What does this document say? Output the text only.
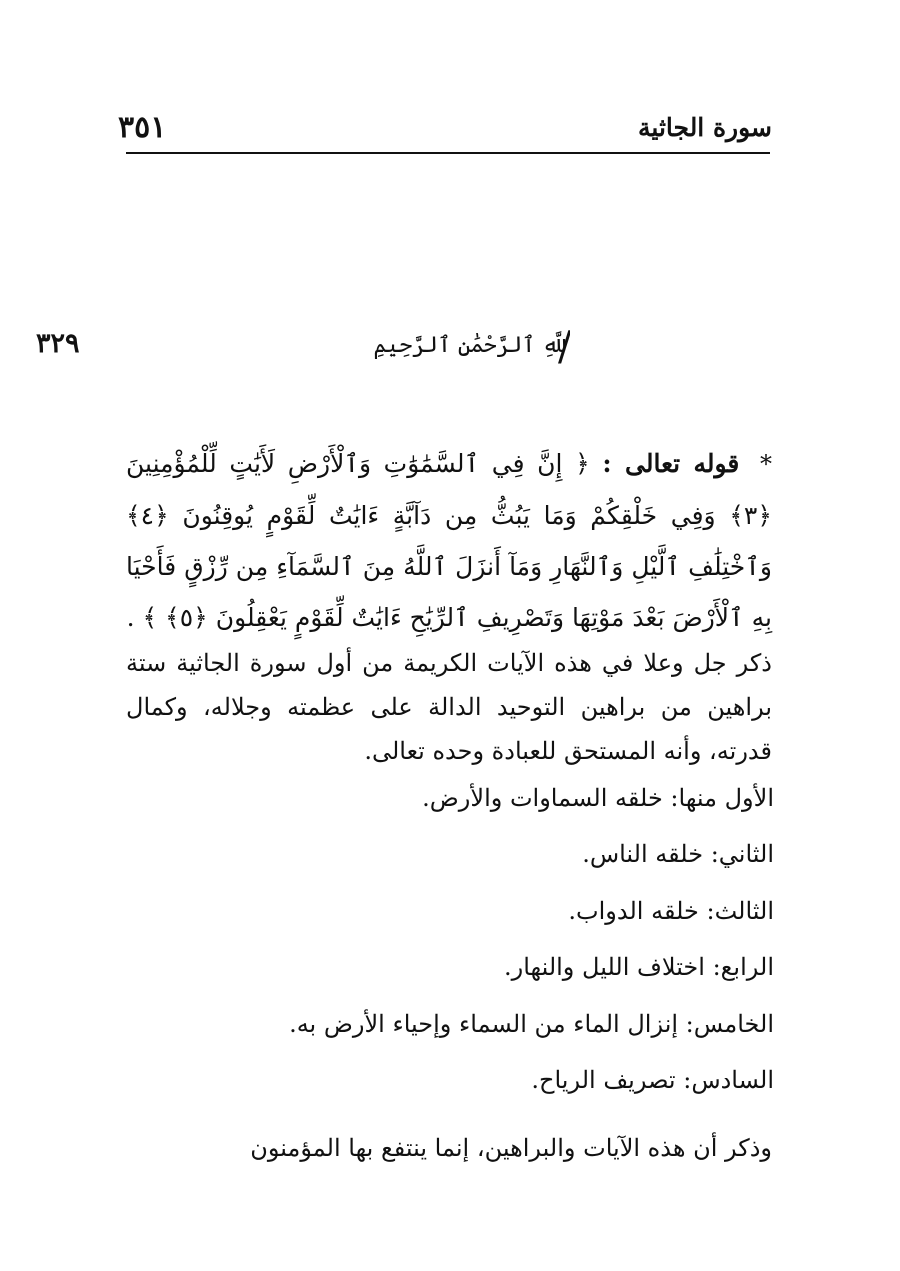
سورة الجاثية
٣٥١
٣٢٩	للَّهِ ٱلرَّحْمَٰنِ ٱلرَّحِيمِ
* قوله تعالى : ﴿ إِنَّ فِي ٱلسَّمَٰوَٰتِ وَٱلْأَرْضِ لَأَيَٰتٍ لِّلْمُؤْمِنِينَ ﴿٣﴾ وَفِي خَلْقِكُمْ وَمَا يَبُثُّ مِن دَآبَّةٍ ءَايَٰتٌ لِّقَوْمٍ يُوقِنُونَ ﴿٤﴾ وَٱخْتِلَٰفِ ٱلَّيْلِ وَٱلنَّهَارِ وَمَآ أَنزَلَ ٱللَّهُ مِنَ ٱلسَّمَآءِ مِن رِّزْقٍ فَأَحْيَا بِهِ ٱلْأَرْضَ بَعْدَ مَوْتِهَا وَتَصْرِيفِ ٱلرِّيَٰحِ ءَايَٰتٌ لِّقَوْمٍ يَعْقِلُونَ ﴿٥﴾ ﴾ .
ذكر جل وعلا في هذه الآيات الكريمة من أول سورة الجاثية ستة براهين من براهين التوحيد الدالة على عظمته وجلاله، وكمال قدرته، وأنه المستحق للعبادة وحده تعالى.
الأول منها: خلقه السماوات والأرض.
الثاني: خلقه الناس.
الثالث: خلقه الدواب.
الرابع: اختلاف الليل والنهار.
الخامس: إنزال الماء من السماء وإحياء الأرض به.
السادس: تصريف الرياح.
وذكر أن هذه الآيات والبراهين، إنما ينتفع بها المؤمنون
